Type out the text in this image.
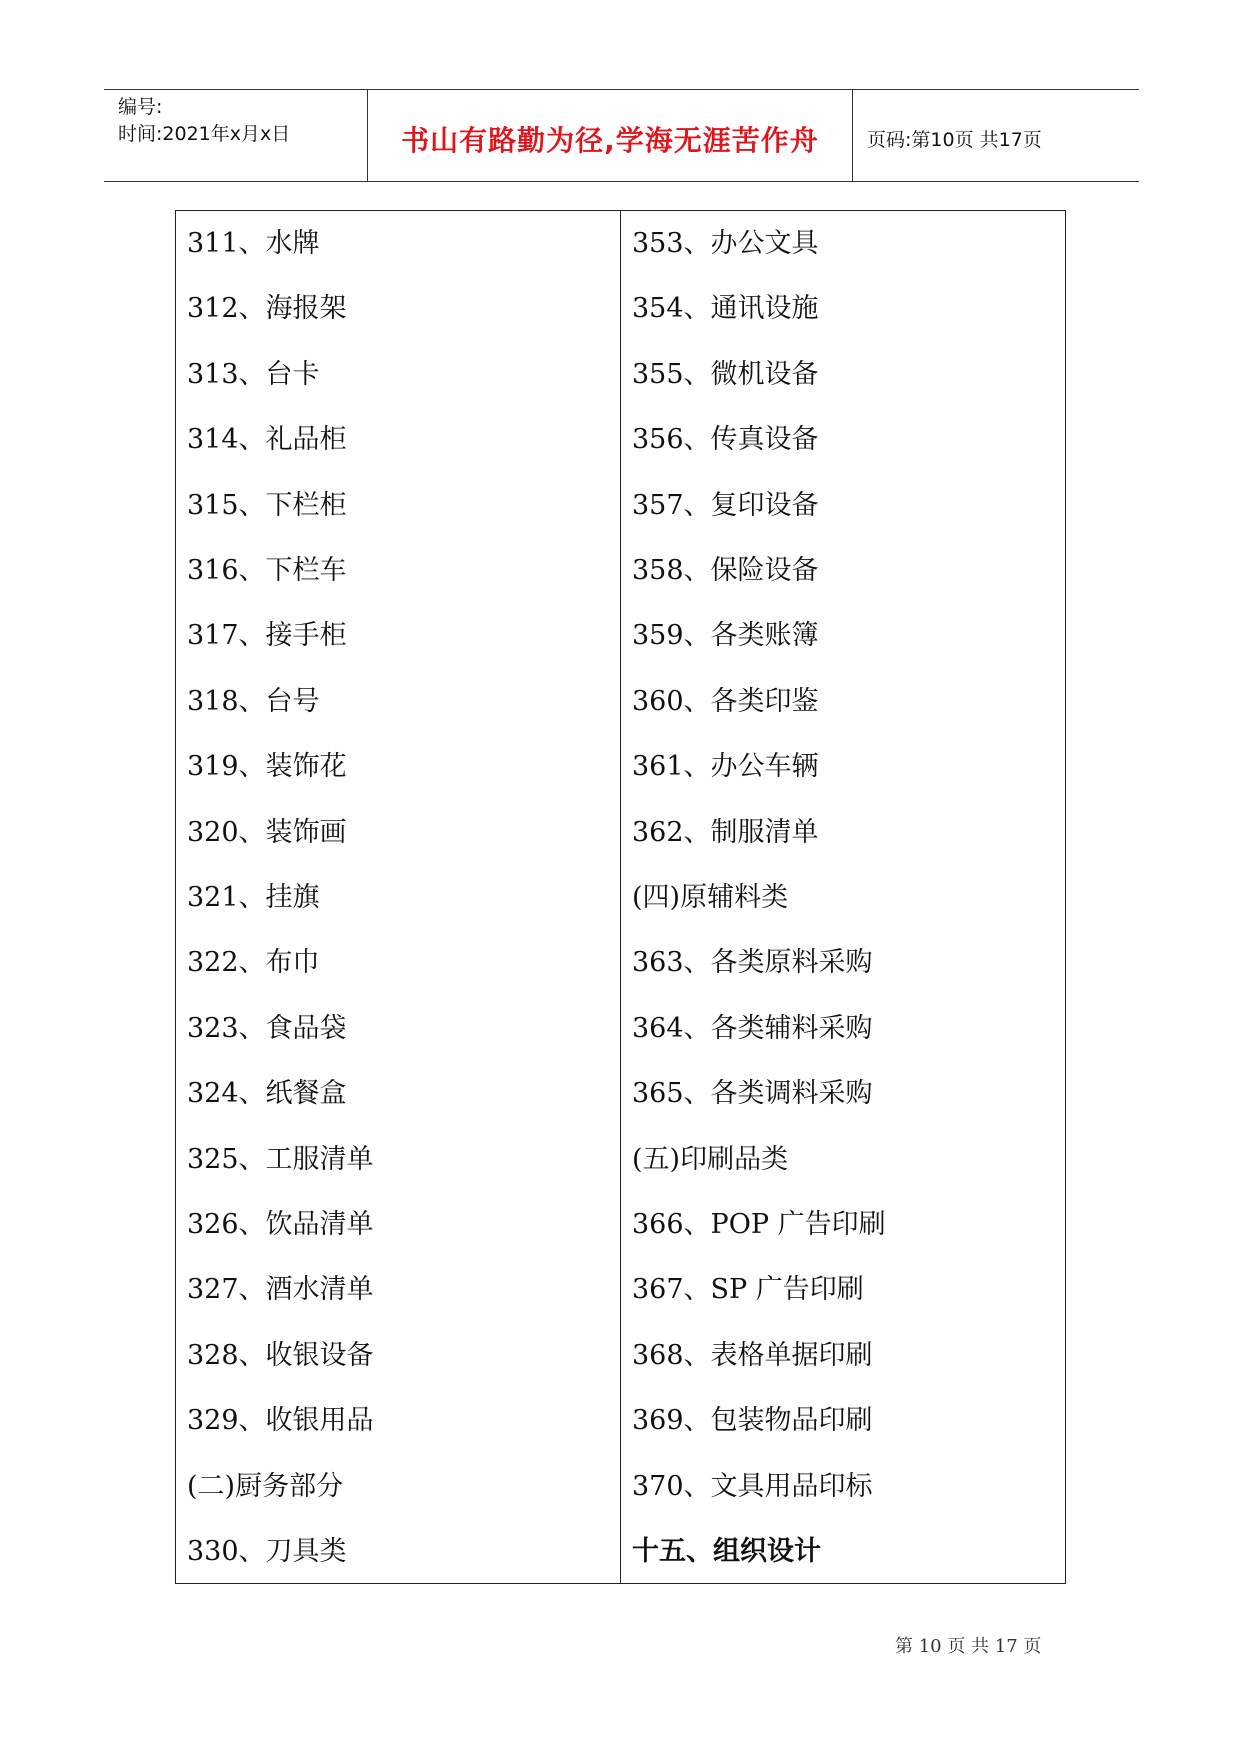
编号:
时间:2021年x月x日	书山有路勤为径,学海无涯苦作舟	页码:第10页 共17页
311、水牌
312、海报架
313、台卡
314、礼品柜
315、下栏柜
316、下栏车
317、接手柜
318、台号
319、装饰花
320、装饰画
321、挂旗
322、布巾
323、食品袋
324、纸餐盒
325、工服清单
326、饮品清单
327、酒水清单
328、收银设备
329、收银用品
(二)厨务部分
330、刀具类
353、办公文具
354、通讯设施
355、微机设备
356、传真设备
357、复印设备
358、保险设备
359、各类账簿
360、各类印鉴
361、办公车辆
362、制服清单
(四)原辅料类
363、各类原料采购
364、各类辅料采购
365、各类调料采购
(五)印刷品类
366、POP 广告印刷
367、SP 广告印刷
368、表格单据印刷
369、包装物品印刷
370、文具用品印标
十五、组织设计
第 10 页 共 17 页
